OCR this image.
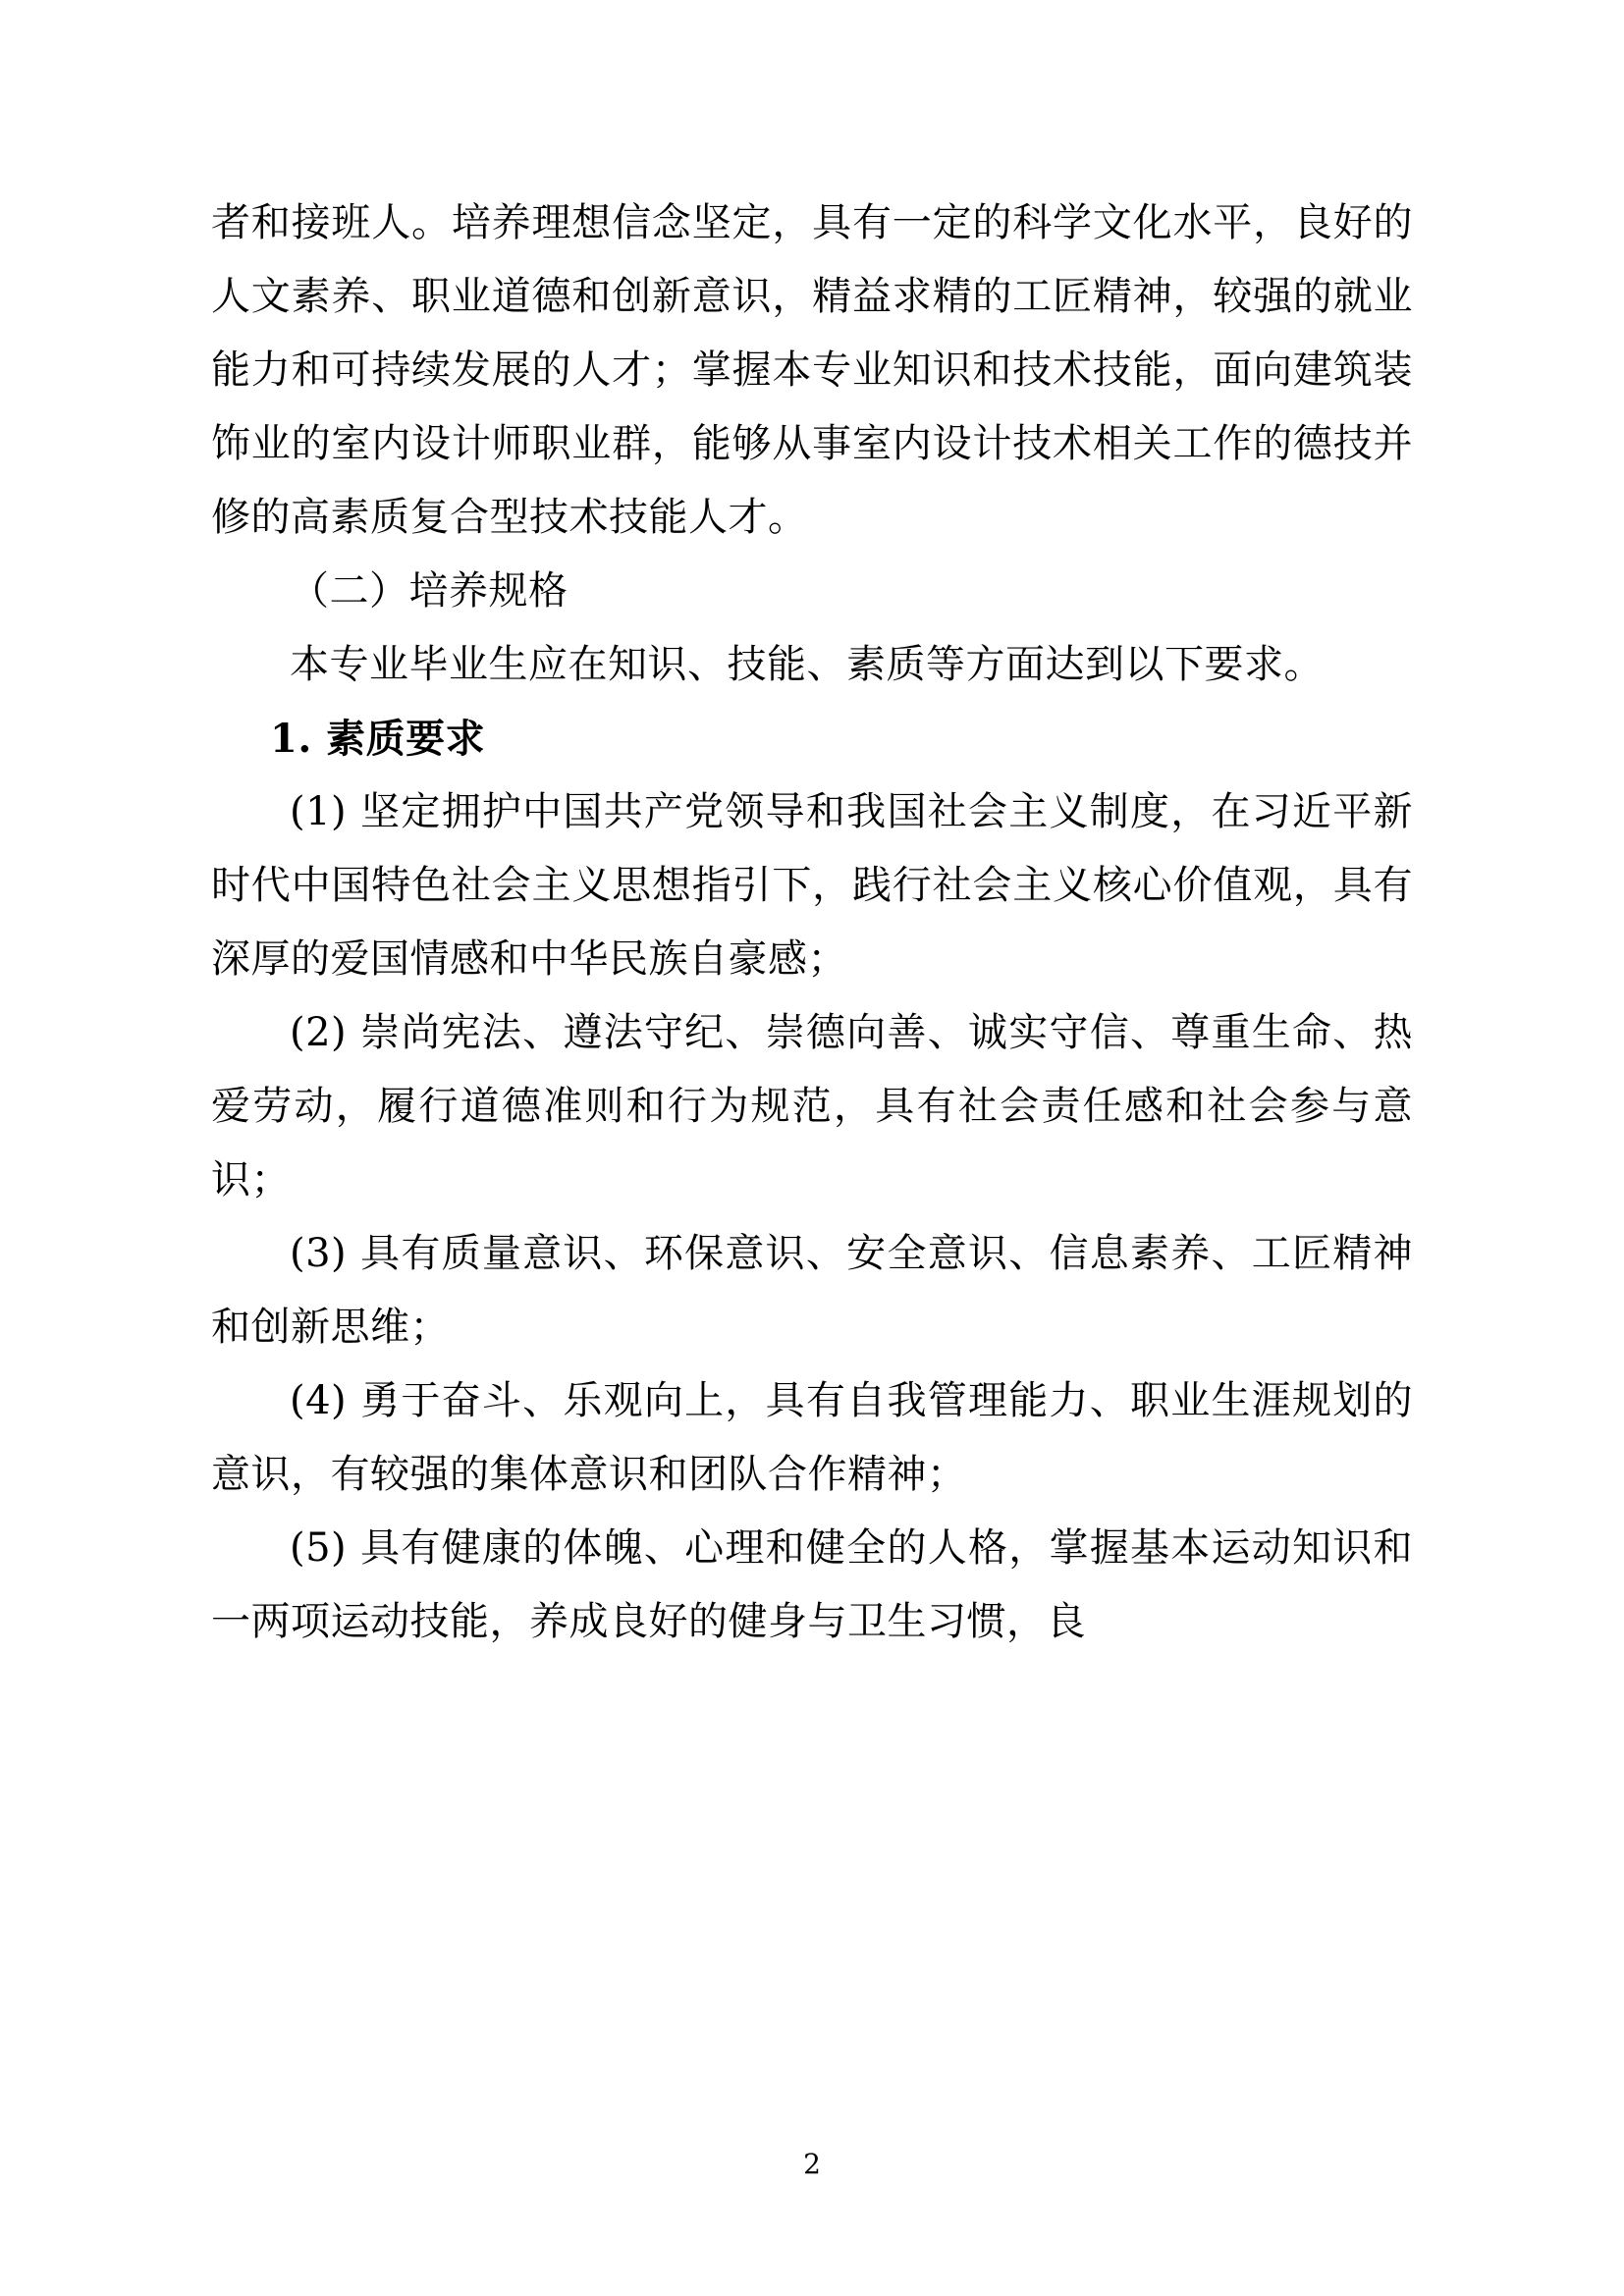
者和接班人。培养理想信念坚定，具有一定的科学文化水平，良好的人文素养、职业道德和创新意识，精益求精的工匠精神，较强的就业能力和可持续发展的人才；掌握本专业知识和技术技能，面向建筑装饰业的室内设计师职业群，能够从事室内设计技术相关工作的德技并修的高素质复合型技术技能人才。

（二）培养规格

本专业毕业生应在知识、技能、素质等方面达到以下要求。

1. 素质要求

(1) 坚定拥护中国共产党领导和我国社会主义制度，在习近平新时代中国特色社会主义思想指引下，践行社会主义核心价值观，具有深厚的爱国情感和中华民族自豪感；

(2) 崇尚宪法、遵法守纪、崇德向善、诚实守信、尊重生命、热爱劳动，履行道德准则和行为规范，具有社会责任感和社会参与意识；

(3) 具有质量意识、环保意识、安全意识、信息素养、工匠精神和创新思维；

(4) 勇于奋斗、乐观向上，具有自我管理能力、职业生涯规划的意识，有较强的集体意识和团队合作精神；

(5) 具有健康的体魄、心理和健全的人格，掌握基本运动知识和一两项运动技能，养成良好的健身与卫生习惯，良

2
